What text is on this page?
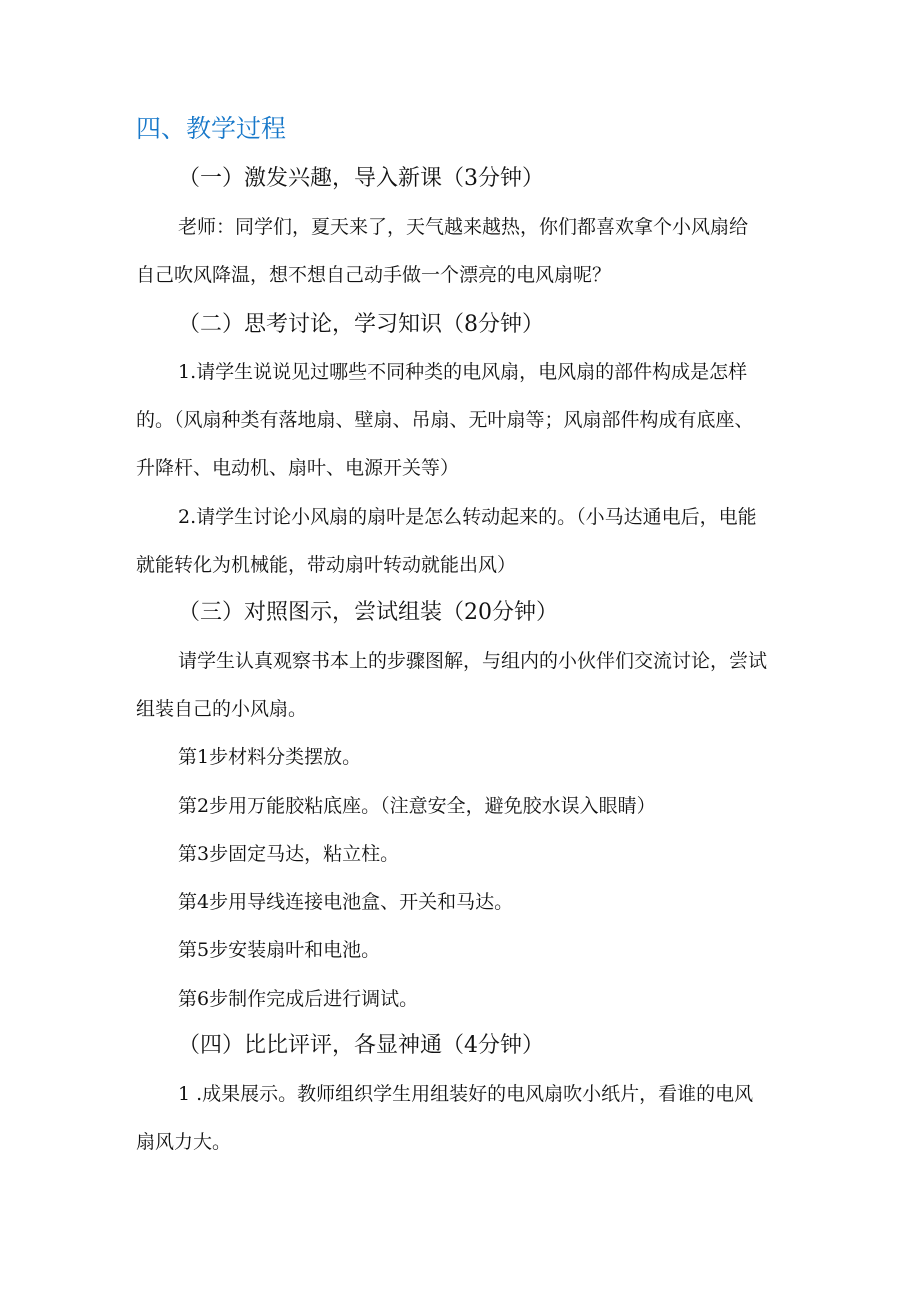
四、教学过程
（一）激发兴趣，导入新课（3分钟）
老师：同学们，夏天来了，天气越来越热，你们都喜欢拿个小风扇给
自己吹风降温，想不想自己动手做一个漂亮的电风扇呢？
（二）思考讨论，学习知识（8分钟）
1.请学生说说见过哪些不同种类的电风扇，电风扇的部件构成是怎样
的。（风扇种类有落地扇、壁扇、吊扇、无叶扇等；风扇部件构成有底座、
升降杆、电动机、扇叶、电源开关等）
2.请学生讨论小风扇的扇叶是怎么转动起来的。（小马达通电后，电能
就能转化为机械能，带动扇叶转动就能出风）
（三）对照图示，尝试组装（20分钟）
请学生认真观察书本上的步骤图解，与组内的小伙伴们交流讨论，尝试
组装自己的小风扇。
第1步材料分类摆放。
第2步用万能胶粘底座。（注意安全，避免胶水误入眼睛）
第3步固定马达，粘立柱。
第4步用导线连接电池盒、开关和马达。
第5步安装扇叶和电池。
第6步制作完成后进行调试。
（四）比比评评，各显神通（4分钟）
1 .成果展示。教师组织学生用组装好的电风扇吹小纸片，看谁的电风
扇风力大。
